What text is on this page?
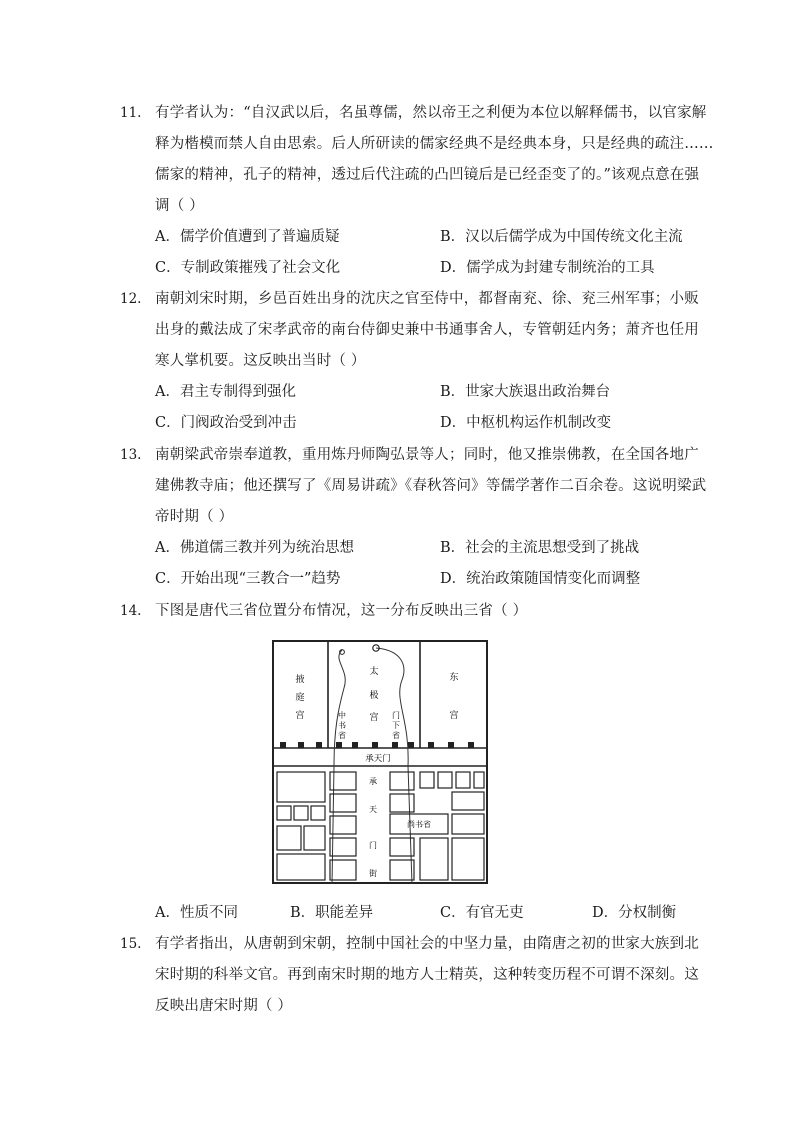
11. 有学者认为：“自汉武以后，名虽尊儒，然以帝王之利便为本位以解释儒书，以官家解
释为楷模而禁人自由思索。后人所研读的儒家经典不是经典本身，只是经典的疏注……
儒家的精神，孔子的精神，透过后代注疏的凸凹镜后是已经歪变了的。”该观点意在强
调（ ）
A．儒学价值遭到了普遍质疑	B．汉以后儒学成为中国传统文化主流
C．专制政策摧残了社会文化	D．儒学成为封建专制统治的工具
12. 南朝刘宋时期，乡邑百姓出身的沈庆之官至侍中，都督南兖、徐、兖三州军事；小贩
出身的戴法成了宋孝武帝的南台侍御史兼中书通事舍人，专管朝廷内务；萧齐也任用
寒人掌机要。这反映出当时（ ）
A．君主专制得到强化	B．世家大族退出政治舞台
C．门阀政治受到冲击	D．中枢机构运作机制改变
13. 南朝梁武帝崇奉道教，重用炼丹师陶弘景等人；同时，他又推崇佛教，在全国各地广
建佛教寺庙；他还撰写了《周易讲疏》《春秋答问》等儒学著作二百余卷。这说明梁武
帝时期（ ）
A．佛道儒三教并列为统治思想	B．社会的主流思想受到了挑战
C．开始出现“三教合一”趋势	D．统治政策随国情变化而调整
14. 下图是唐代三省位置分布情况，这一分布反映出三省（ ）
掖
庭
宫
太
极
宫
东
宫
中
书
省
门
下
省
承天门
承
天
门
街
尚书省
A．性质不同	B．职能差异	C．有官无吏	D．分权制衡
15. 有学者指出，从唐朝到宋朝，控制中国社会的中坚力量，由隋唐之初的世家大族到北
宋时期的科举文官。再到南宋时期的地方人士精英，这种转变历程不可谓不深刻。这
反映出唐宋时期（ ）
